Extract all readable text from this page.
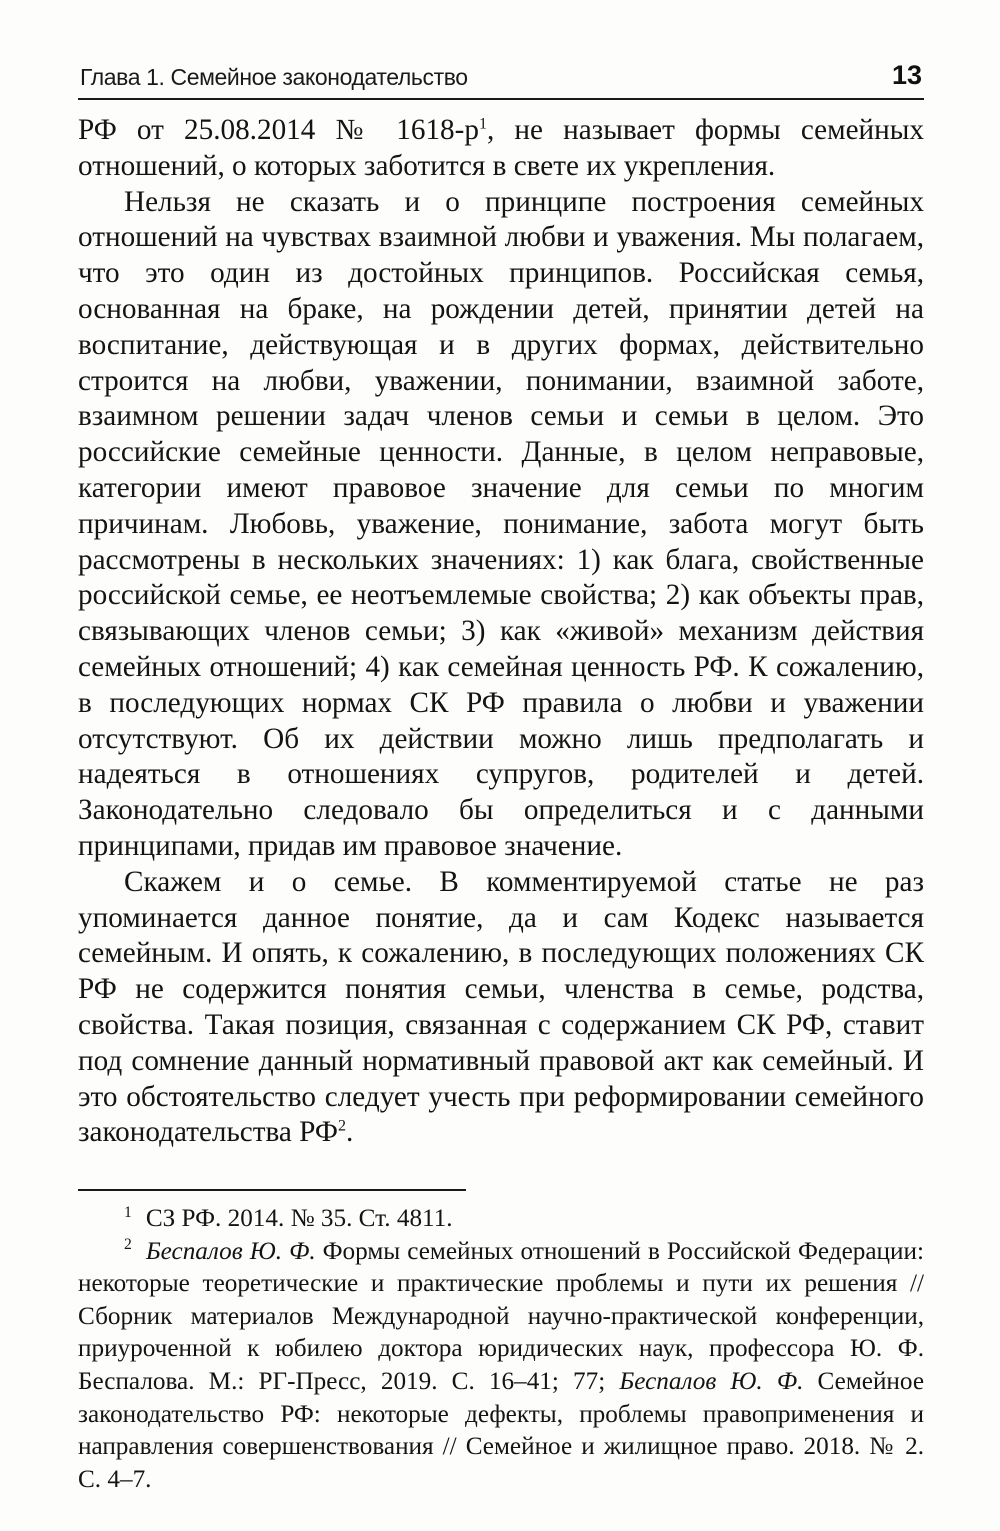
Глава 1. Семейное законодательство	13

РФ от 25.08.2014 № $1618-р^1$, не называет формы семейных отношений, о которых заботится в свете их укрепления.

Нельзя не сказать и о принципе построения семейных отношений на чувствах взаимной любви и уважения. Мы полагаем, что это один из достойных принципов. Российская семья, основанная на браке, на рождении детей, принятии детей на воспитание, действующая и в других формах, действительно строится на любви, уважении, понимании, взаимной заботе, взаимном решении задач членов семьи и семьи в целом. Это российские семейные ценности. Данные, в целом неправовые, категории имеют правовое значение для семьи по многим причинам. Любовь, уважение, понимание, забота могут быть рассмотрены в нескольких значениях: 1) как блага, свойственные российской семье, ее неотъемлемые свойства; 2) как объекты прав, связывающих членов семьи; 3) как «живой» механизм действия семейных отношений; 4) как семейная ценность РФ. К сожалению, в последующих нормах СК РФ правила о любви и уважении отсутствуют. Об их действии можно лишь предполагать и надеяться в отношениях супругов, родителей и детей. Законодательно следовало бы определиться и с данными принципами, придав им правовое значение.

Скажем и о семье. В комментируемой статье не раз упоминается данное понятие, да и сам Кодекс называется семейным. И опять, к сожалению, в последующих положениях СК РФ не содержится понятия семьи, членства в семье, родства, свойства. Такая позиция, связанная с содержанием СК РФ, ставит под сомнение данный нормативный правовой акт как семейный. И это обстоятельство следует учесть при реформировании семейного законодательства $РФ^2$.

$^1$ СЗ РФ. 2014. № 35. Ст. 4811.

$^2$ Беспалов Ю. Ф. Формы семейных отношений в Российской Федерации: некоторые теоретические и практические проблемы и пути их решения // Сборник материалов Международной научно-практической конференции, приуроченной к юбилею доктора юридических наук, профессора Ю. Ф. Беспалова. М.: РГ-Пресс, 2019. С. 16–41; 77; Беспалов Ю. Ф. Семейное законодательство РФ: некоторые дефекты, проблемы правоприменения и направления совершенствования // Семейное и жилищное право. 2018. № 2. С. 4–7.
